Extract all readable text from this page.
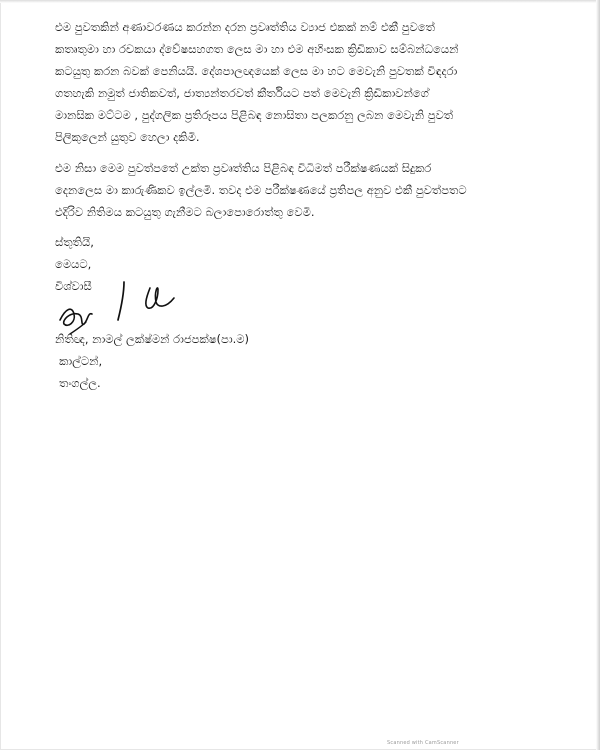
එම පුවතකින් අණාවරණය කරන්න දරන ප්‍රවෘත්තිය ව්‍යාජ එකක් නම් එකී පුවතේ
කතෘතුමා හා රචකයා ද්වේෂසහගත ලෙස මා හා එම අහිංසක ක්‍රිඩිකාව සම්බන්ධයෙන්
කටයුතු කරන බවක් පෙනියයි. දේශපාලඥයෙක් ලෙස මා හට මෙවැනි පුවතක් විඳදරා
ගතහැකි නමුත් ජාතිකවත්, ජාත්‍යන්තරවත් කීර්තියට පත් මෙවැනි ක්‍රිඩිකාවන්ගේ
මානසික මට්ටම , පුද්ගලික ප්‍රතිරූපය පිළිබඳ නොසිතා පලකරනු ලබන මෙවැනි පුවත්
පිලිකුලෙන් යුතුව හෙලා දකිමි.

එම නිසා මෙම පුවත්පතේ උක්ත ප්‍රවෘත්තිය පිළිබඳ විධිමත් පරීක්ෂණයක් සිදුකර
දෙනලෙස මා කාරුණිකව ඉල්ලමි. තවද එම පරීක්ෂණයේ ප්‍රතිපල අනුව එකී පුවත්පතට
එදිරිව නිතිමය කටයුතු ගැනීමට බලාපොරොත්තු වෙමි.

ස්තුතියි,
මෙයට,
විශ්වාසී
නිතිඥ, නාමල් ලක්ෂ්මන් රාජපක්ෂ(පා.ම)
කාල්ටන්,
තංගල්ල.
Scanned with CamScanner
